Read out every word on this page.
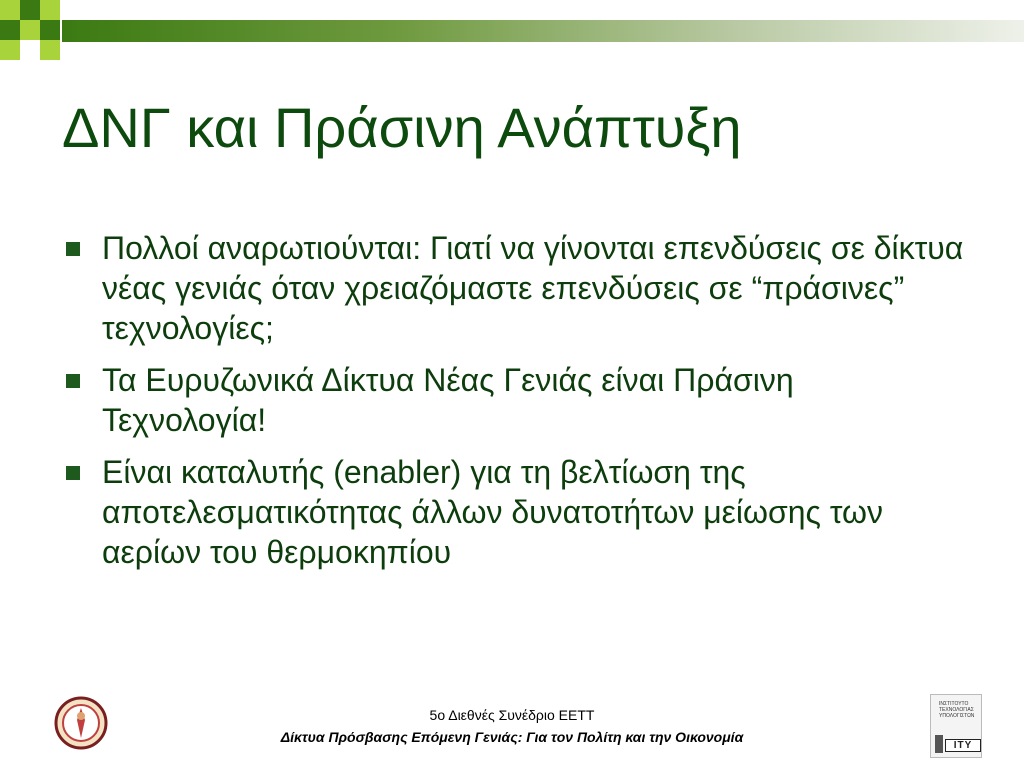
ΔΝΓ και Πράσινη Ανάπτυξη
Πολλοί αναρωτιούνται: Γιατί να γίνονται επενδύσεις σε δίκτυα νέας γενιάς όταν χρειαζόμαστε επενδύσεις σε “πράσινες” τεχνολογίες;
Τα Ευρυζωνικά Δίκτυα Νέας Γενιάς είναι Πράσινη Τεχνολογία!
Είναι καταλυτής (enabler) για τη βελτίωση της αποτελεσματικότητας άλλων δυνατοτήτων μείωσης των αερίων του θερμοκηπίου
5ο Διεθνές Συνέδριο ΕΕΤΤ
Δίκτυα Πρόσβασης Επόμενη Γενιάς: Για τον Πολίτη και την Οικονομία
ΙΝΣΤΙΤΟΥΤΟ ΤΕΧΝΟΛΟΓΙΑΣ ΥΠΟΛΟΓΙΣΤΩΝ
ITY
